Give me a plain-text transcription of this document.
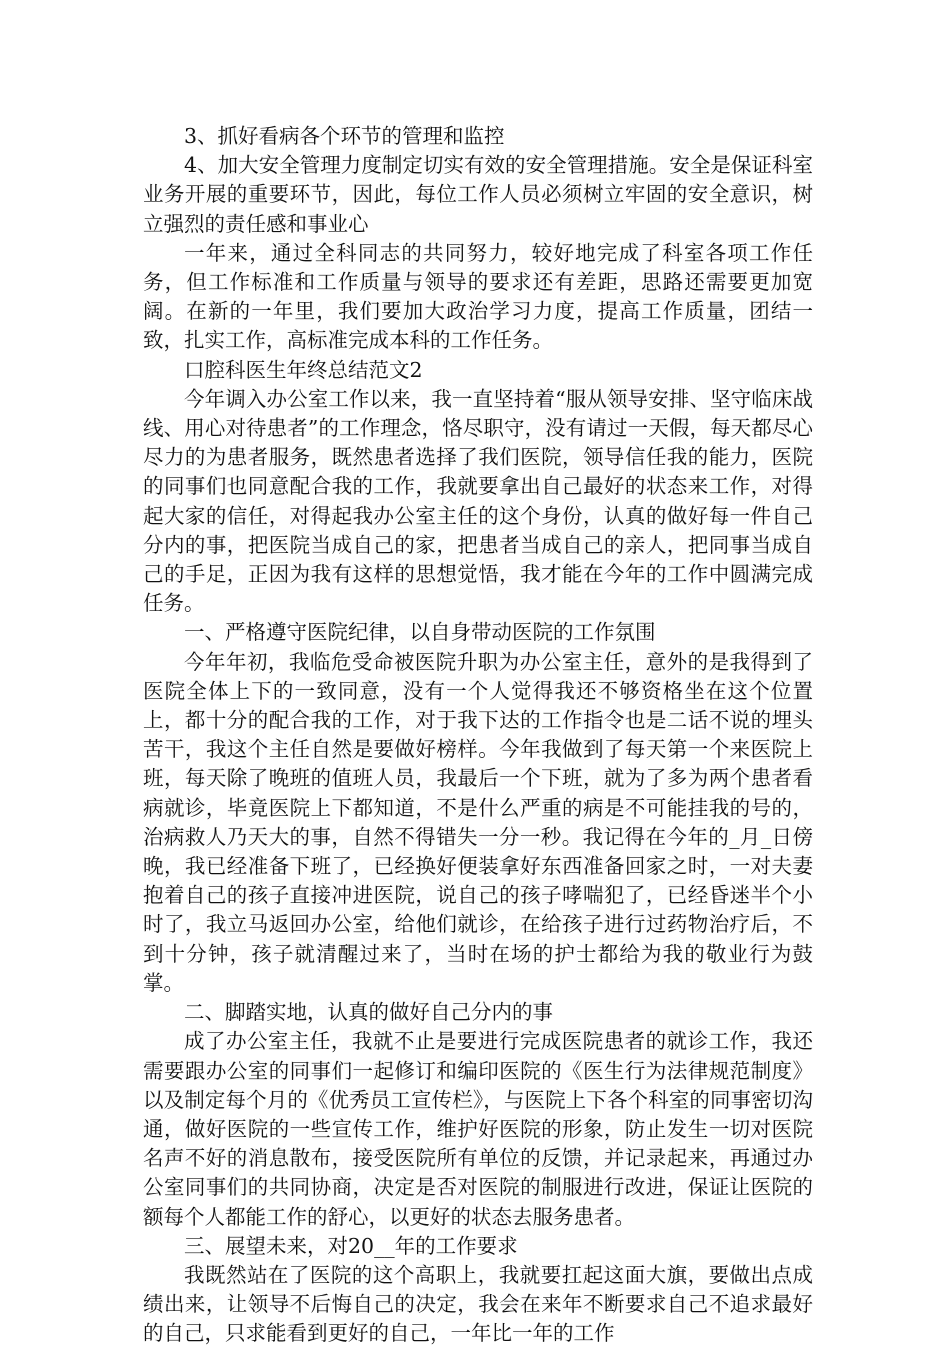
3、抓好看病各个环节的管理和监控

4、加大安全管理力度制定切实有效的安全管理措施。安全是保证科室业务开展的重要环节，因此，每位工作人员必须树立牢固的安全意识，树立强烈的责任感和事业心

一年来，通过全科同志的共同努力，较好地完成了科室各项工作任务，但工作标准和工作质量与领导的要求还有差距，思路还需要更加宽阔。在新的一年里，我们要加大政治学习力度，提高工作质量，团结一致，扎实工作，高标准完成本科的工作任务。

口腔科医生年终总结范文2

今年调入办公室工作以来，我一直坚持着“服从领导安排、坚守临床战线、用心对待患者”的工作理念，恪尽职守，没有请过一天假，每天都尽心尽力的为患者服务，既然患者选择了我们医院，领导信任我的能力，医院的同事们也同意配合我的工作，我就要拿出自己最好的状态来工作，对得起大家的信任，对得起我办公室主任的这个身份，认真的做好每一件自己分内的事，把医院当成自己的家，把患者当成自己的亲人，把同事当成自己的手足，正因为我有这样的思想觉悟，我才能在今年的工作中圆满完成任务。

一、严格遵守医院纪律，以自身带动医院的工作氛围

今年年初，我临危受命被医院升职为办公室主任，意外的是我得到了医院全体上下的一致同意，没有一个人觉得我还不够资格坐在这个位置上，都十分的配合我的工作，对于我下达的工作指令也是二话不说的埋头苦干，我这个主任自然是要做好榜样。今年我做到了每天第一个来医院上班，每天除了晚班的值班人员，我最后一个下班，就为了多为两个患者看病就诊，毕竟医院上下都知道，不是什么严重的病是不可能挂我的号的，治病救人乃天大的事，自然不得错失一分一秒。我记得在今年的_月_日傍晚，我已经准备下班了，已经换好便装拿好东西准备回家之时，一对夫妻抱着自己的孩子直接冲进医院，说自己的孩子哮喘犯了，已经昏迷半个小时了，我立马返回办公室，给他们就诊，在给孩子进行过药物治疗后，不到十分钟，孩子就清醒过来了，当时在场的护士都给为我的敬业行为鼓掌。

二、脚踏实地，认真的做好自己分内的事

成了办公室主任，我就不止是要进行完成医院患者的就诊工作，我还需要跟办公室的同事们一起修订和编印医院的《医生行为法律规范制度》以及制定每个月的《优秀员工宣传栏》，与医院上下各个科室的同事密切沟通，做好医院的一些宣传工作，维护好医院的形象，防止发生一切对医院名声不好的消息散布，接受医院所有单位的反馈，并记录起来，再通过办公室同事们的共同协商，决定是否对医院的制服进行改进，保证让医院的额每个人都能工作的舒心，以更好的状态去服务患者。

三、展望未来，对20__年的工作要求

我既然站在了医院的这个高职上，我就要扛起这面大旗，要做出点成绩出来，让领导不后悔自己的决定，我会在来年不断要求自己不追求最好的自己，只求能看到更好的自己，一年比一年的工作
